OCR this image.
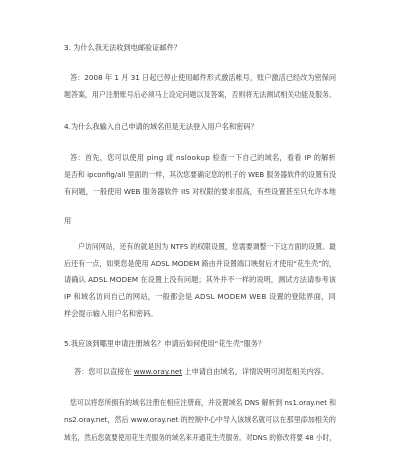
3. 为什么我无法收到电邮验证邮件？
答：2008 年 1 月 31 日起已停止使用邮件形式激活帐号，账户激活已经改为密保问
题答案，用户注册账号后必须马上设定问题以及答案，否则将无法测试相关功能及服务。
4.为什么我输入自己申请的域名但是无法登入用户名和密码？
答：首先，您可以使用 ping 或 nslookup 检查一下自己的域名，看看 IP 的解析
是否和 ipconfig/all 里面的一样，其次您要确定您的机子的 WEB 服务器软件的设置有没
有问题，一般使用 WEB 服务器软件 IIS 对权限的要求很高，有些设置甚至只允许本地
用
户访问网站，还有的就是因为 NTFS 的权限设置，您需要调整一下这方面的设置。最
后还有一点，如果您是使用 ADSL MODEM 路由并设置端口映射后才使用“花生壳”的，
请确认 ADSL MODEM 在设置上没有问题；其外并不一样的说明，测试方法请参考该
IP 和域名访问自己的网站，一般都会是 ADSL MODEM WEB 设置的登陆界面，同
样会提示输入用户名和密码。
5.我应该到哪里申请注册域名？申请后如何使用“花生壳”服务？
答：您可以直接在 www.oray.net 上申请自由域名，详情说明可浏览相关内容。
您可以将您所拥有的域名注册在相应注册商，并设置域名 DNS 解析到 ns1.oray.net 和
ns2.oray.net，然后 www.oray.net 的控制中心中导入该域名就可以在那里添加相关的
域名，然后您就要使用花生壳服务的域名来开通花生壳服务。对DNS 的修改将要 48 小时，
